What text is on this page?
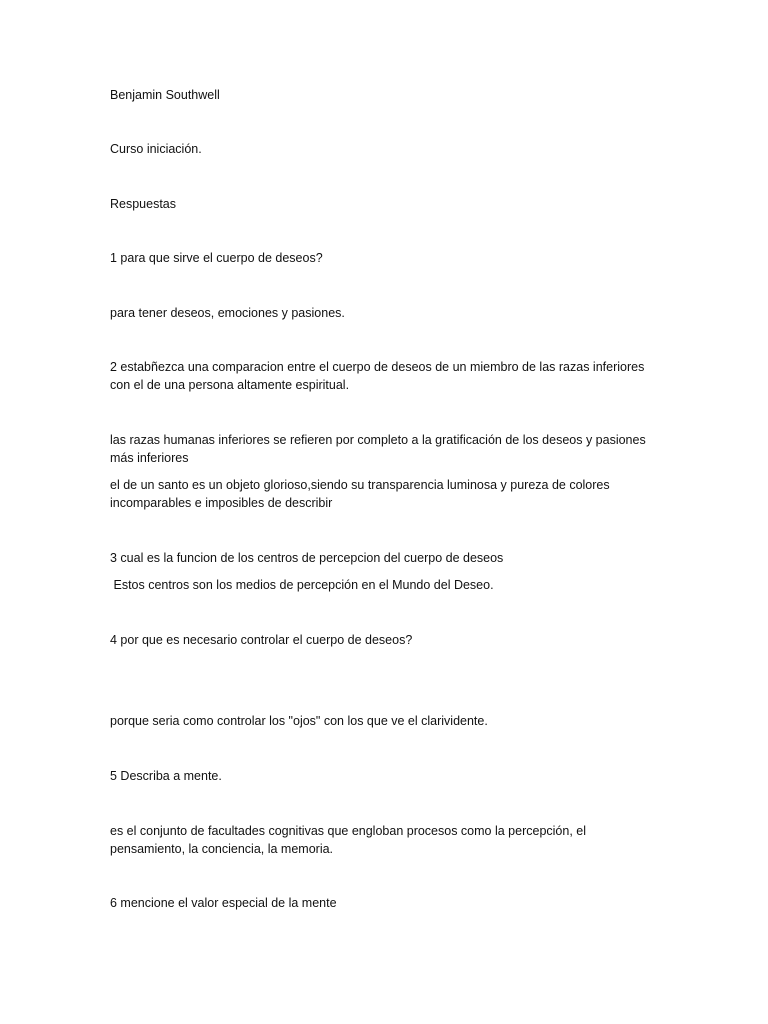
Benjamin Southwell

Curso iniciación.

Respuestas

1 para que sirve el cuerpo de deseos?

para tener deseos, emociones y pasiones.

2 estabñezca una comparacion entre el cuerpo de deseos de un miembro de las razas inferiores con el de una persona altamente espiritual.

las razas humanas inferiores se refieren por completo a la gratificación de los deseos y pasiones más inferiores

el de un santo es un objeto glorioso,siendo su transparencia luminosa y pureza de colores incomparables e imposibles de describir

3 cual es la funcion de los centros de percepcion del cuerpo de deseos

Estos centros son los medios de percepción en el Mundo del Deseo.

4 por que es necesario controlar el cuerpo de deseos?

porque seria como controlar los "ojos" con los que ve el clarividente.

5 Describa a mente.

es el conjunto de facultades cognitivas que engloban procesos como la percepción, el pensamiento, la conciencia, la memoria.

6 mencione el valor especial de la mente
